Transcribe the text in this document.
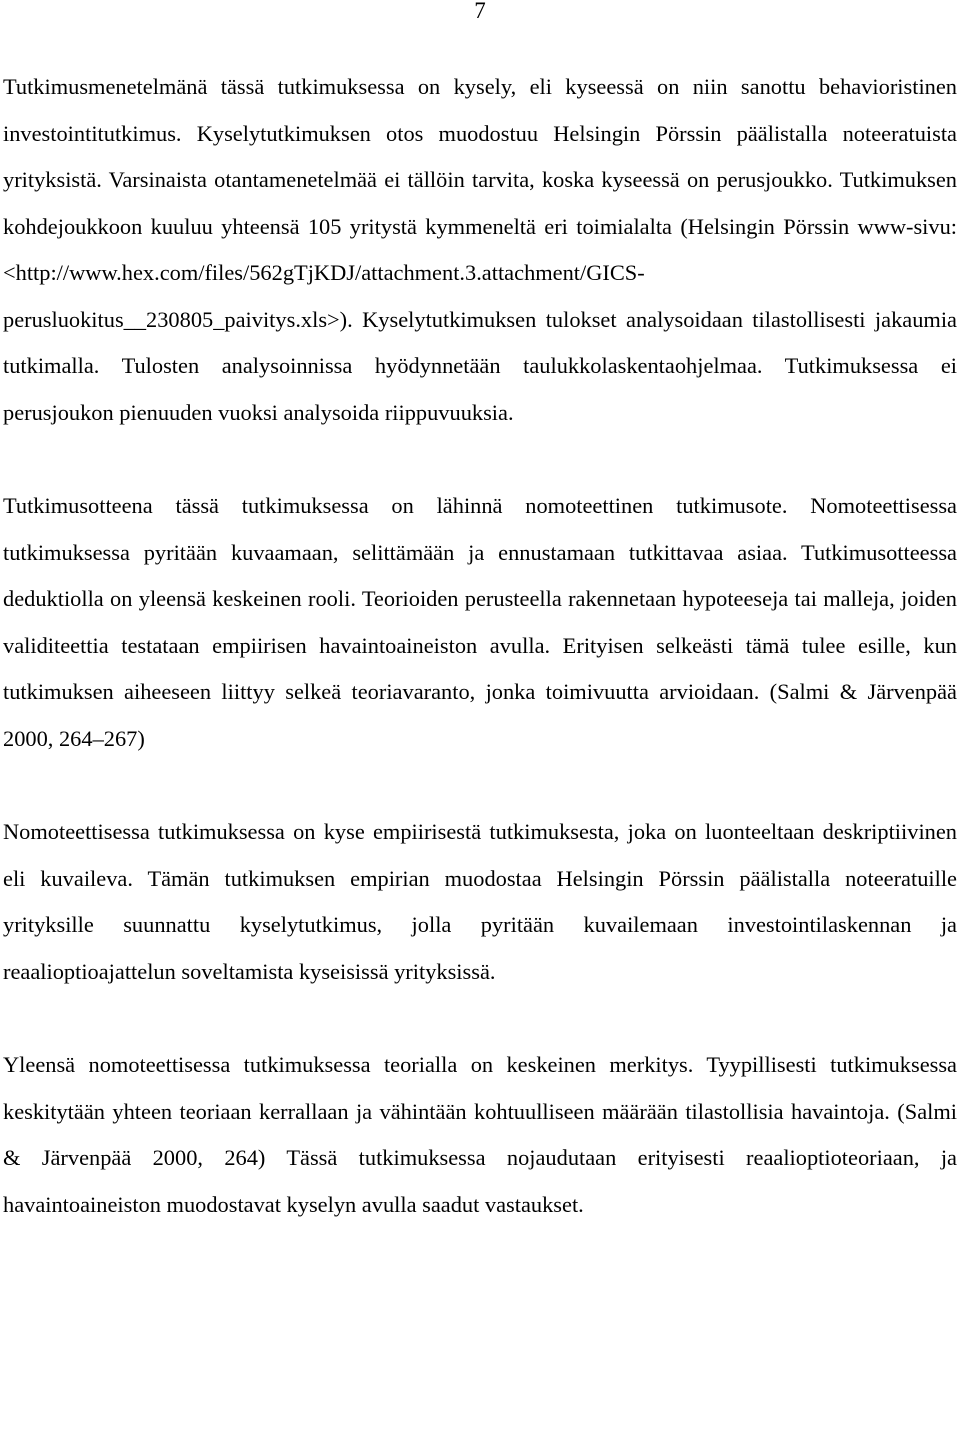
7

Tutkimusmenetelmänä tässä tutkimuksessa on kysely, eli kyseessä on niin sanottu behavioristinen investointitutkimus. Kyselytutkimuksen otos muodostuu Helsingin Pörssin päälistalla noteeratuista yrityksistä. Varsinaista otantamenetelmää ei tällöin tarvita, koska kyseessä on perusjoukko. Tutkimuksen kohdejoukkoon kuuluu yhteensä 105 yritystä kymmeneltä eri toimialalta (Helsingin Pörssin www-sivu: <http://www.hex.com/files/562gTjKDJ/attachment.3.attachment/GICS-perusluokitus__230805_paivitys.xls>). Kyselytutkimuksen tulokset analysoidaan tilastollisesti jakaumia tutkimalla. Tulosten analysoinnissa hyödynnetään taulukkolaskentaohjelmaa. Tutkimuksessa ei perusjoukon pienuuden vuoksi analysoida riippuvuuksia.

Tutkimusotteena tässä tutkimuksessa on lähinnä nomoteettinen tutkimusote. Nomoteettisessa tutkimuksessa pyritään kuvaamaan, selittämään ja ennustamaan tutkittavaa asiaa. Tutkimusotteessa deduktiolla on yleensä keskeinen rooli. Teorioiden perusteella rakennetaan hypoteeseja tai malleja, joiden validiteettia testataan empiirisen havaintoaineiston avulla. Erityisen selkeästi tämä tulee esille, kun tutkimuksen aiheeseen liittyy selkeä teoriavaranto, jonka toimivuutta arvioidaan. (Salmi & Järvenpää 2000, 264–267)

Nomoteettisessa tutkimuksessa on kyse empiirisestä tutkimuksesta, joka on luonteeltaan deskriptiivinen eli kuvaileva. Tämän tutkimuksen empirian muodostaa Helsingin Pörssin päälistalla noteeratuille yrityksille suunnattu kyselytutkimus, jolla pyritään kuvailemaan investointilaskennan ja reaalioptioajattelun soveltamista kyseisissä yrityksissä.

Yleensä nomoteettisessa tutkimuksessa teorialla on keskeinen merkitys. Tyypillisesti tutkimuksessa keskitytään yhteen teoriaan kerrallaan ja vähintään kohtuulliseen määrään tilastollisia havaintoja. (Salmi & Järvenpää 2000, 264) Tässä tutkimuksessa nojaudutaan erityisesti reaalioptioteoriaan, ja havaintoaineiston muodostavat kyselyn avulla saadut vastaukset.
